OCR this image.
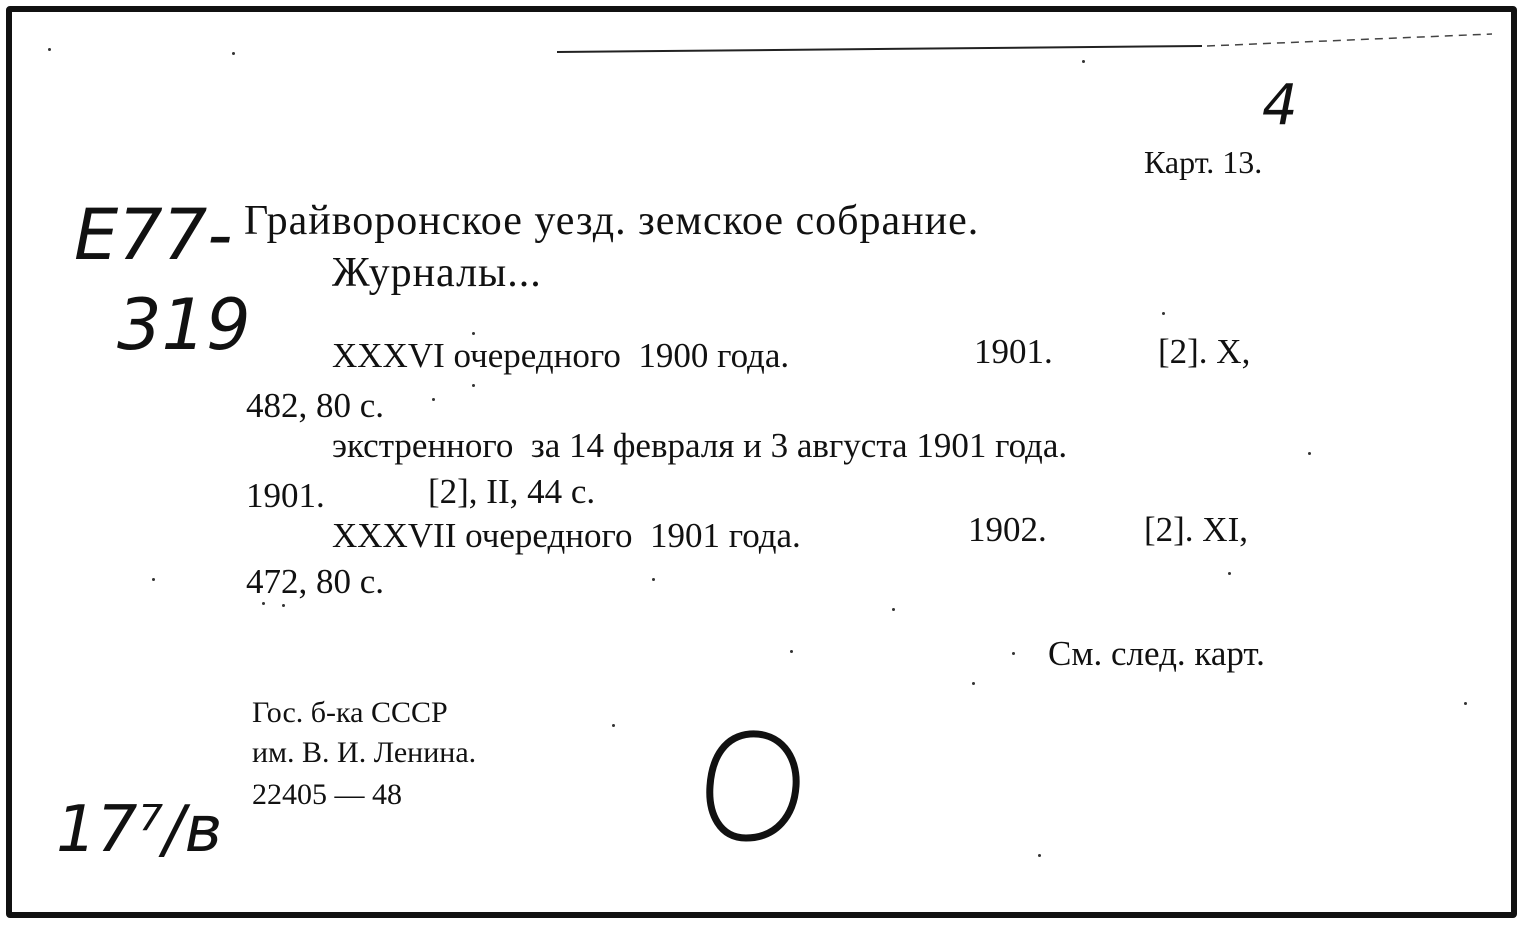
4
Карт. 13.
E77-
319
Грайворонское уезд. земское собрание.
Журналы...
XXXVI очередного  1900 года.	1901.	[2]. X,
482, 80 с.
экстренного  за 14 февраля и 3 августа 1901 года.
1901.	[2], II, 44 с.
XXXVII очередного  1901 года.	1902.	[2]. XI,
472, 80 с.
См. след. карт.
Гос. б-ка СССР
им. В. И. Ленина.
22405 — 48
17⁷/в
